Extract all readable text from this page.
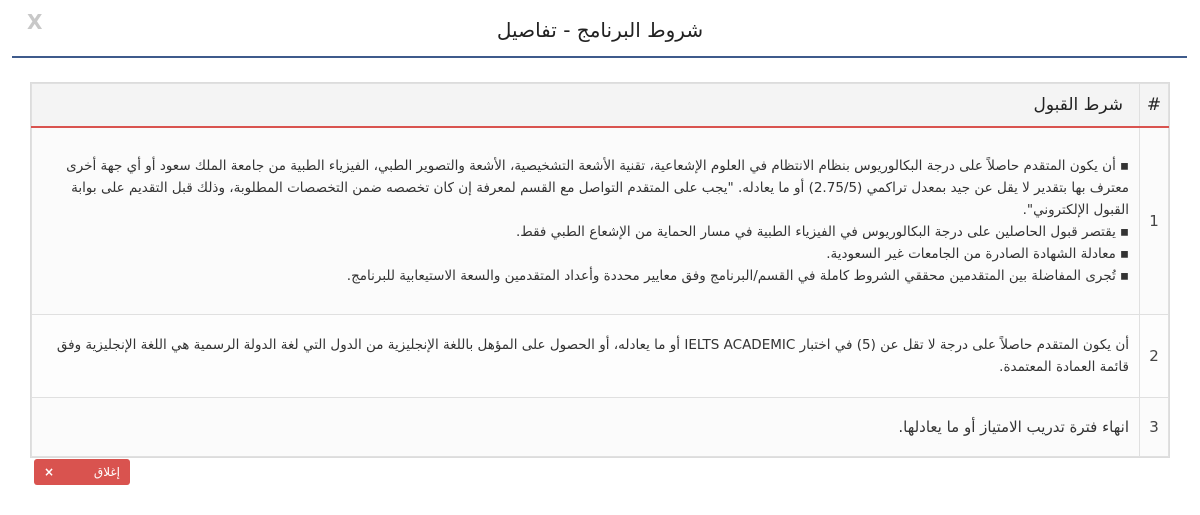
X	شروط البرنامج - تفاصيل
#	شرط القبول
1	▪أن يكون المتقدم حاصلاً على درجة البكالوريوس بنظام الانتظام في العلوم الإشعاعية، تقنية الأشعة التشخيصية، الأشعة والتصوير الطبي، الفيزياء الطبية من جامعة الملك سعود أو أي جهة أخرى معترف بها بتقدير لا يقل عن جيد بمعدل تراكمي (2.75/5) أو ما يعادله. "يجب على المتقدم التواصل مع القسم لمعرفة إن كان تخصصه ضمن التخصصات المطلوبة، وذلك قبل التقديم على بوابة القبول الإلكتروني".
▪يقتصر قبول الحاصلين على درجة البكالوريوس في الفيزياء الطبية في مسار الحماية من الإشعاع الطبي فقط.
▪معادلة الشهادة الصادرة من الجامعات غير السعودية.
▪تُجرى المفاضلة بين المتقدمين محققي الشروط كاملة في القسم/البرنامج وفق معايير محددة وأعداد المتقدمين والسعة الاستيعابية للبرنامج.

2	أن يكون المتقدم حاصلاً على درجة لا تقل عن (5) في اختبار IELTS ACADEMIC أو ما يعادله، أو الحصول على المؤهل باللغة الإنجليزية من الدول التي لغة الدولة الرسمية هي اللغة الإنجليزية وفق قائمة العمادة المعتمدة.
3	انهاء فترة تدريب الامتياز أو ما يعادلها.
×	إغلاق
